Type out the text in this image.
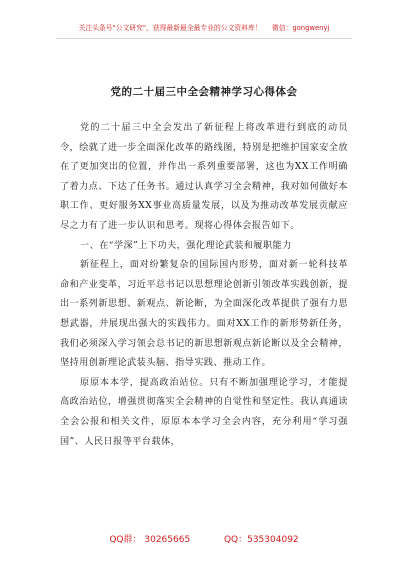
关注头条号"公文研究"，获得最新最全最专业的公文资料库！ 微信：gongwenyj
党的二十届三中全会精神学习心得体会

党的二十届三中全会发出了新征程上将改革进行到底的动员令，绘就了进一步全面深化改革的路线图，特别是把维护国家安全放在了更加突出的位置，并作出一系列重要部署，这也为XX工作明确了着力点、下达了任务书。通过认真学习全会精神，我对如何做好本职工作、更好服务XX事业高质量发展，以及为推动改革发展贡献应尽之力有了进一步认识和思考。现将心得体会报告如下。

一、在“学深”上下功夫，强化理论武装和履职能力

新征程上，面对纷繁复杂的国际国内形势，面对新一轮科技革命和产业变革，习近平总书记以思想理论创新引领改革实践创新，提出一系列新思想、新观点、新论断，为全面深化改革提供了强有力思想武器，并展现出强大的实践伟力。面对XX工作的新形势新任务，我们必须深入学习领会总书记的新思想新观点新论断以及全会精神，坚持用创新理论武装头脑、指导实践、推动工作。

原原本本学，提高政治站位。只有不断加强理论学习，才能提高政治站位，增强贯彻落实全会精神的自觉性和坚定性。我认真通读全会公报和相关文件，原原本本学习全会内容，充分利用“学习强国”、人民日报等平台载体，

QQ群： 30265665	QQ：535304092
